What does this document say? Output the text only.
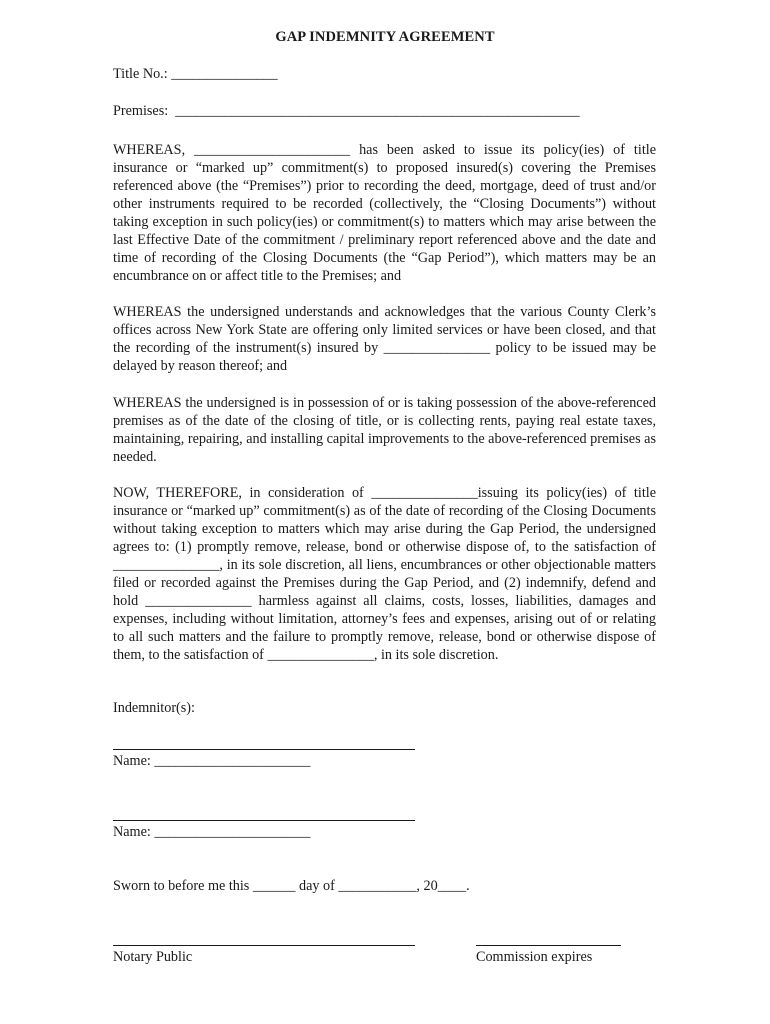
GAP INDEMNITY AGREEMENT
Title No.: _______________
Premises:  _________________________________________________________
WHEREAS, ______________________ has been asked to issue its policy(ies) of title insurance or “marked up” commitment(s) to proposed insured(s) covering the Premises referenced above (the “Premises”) prior to recording the deed, mortgage, deed of trust and/or other instruments required to be recorded (collectively, the “Closing Documents”) without taking exception in such policy(ies) or commitment(s) to matters which may arise between the last Effective Date of the commitment / preliminary report referenced above and the date and time of recording of the Closing Documents (the “Gap Period”), which matters may be an encumbrance on or affect title to the Premises; and
WHEREAS the undersigned understands and acknowledges that the various County Clerk’s offices across New York State are offering only limited services or have been closed, and that the recording of the instrument(s) insured by _______________ policy to be issued may be delayed by reason thereof; and
WHEREAS the undersigned is in possession of or is taking possession of the above-referenced premises as of the date of the closing of title, or is collecting rents, paying real estate taxes, maintaining, repairing, and installing capital improvements to the above-referenced premises as needed.
NOW, THEREFORE, in consideration of _______________issuing its policy(ies) of title insurance or “marked up” commitment(s) as of the date of recording of the Closing Documents without taking exception to matters which may arise during the Gap Period, the undersigned agrees to: (1) promptly remove, release, bond or otherwise dispose of, to the satisfaction of _______________, in its sole discretion, all liens, encumbrances or other objectionable matters filed or recorded against the Premises during the Gap Period, and (2) indemnify, defend and hold _______________ harmless against all claims, costs, losses, liabilities, damages and expenses, including without limitation, attorney’s fees and expenses, arising out of or relating to all such matters and the failure to promptly remove, release, bond or otherwise dispose of them, to the satisfaction of _______________, in its sole discretion.
Indemnitor(s):
Name: ______________________
Name: ______________________
Sworn to before me this ______ day of ___________, 20____.
Notary Public	Commission expires
